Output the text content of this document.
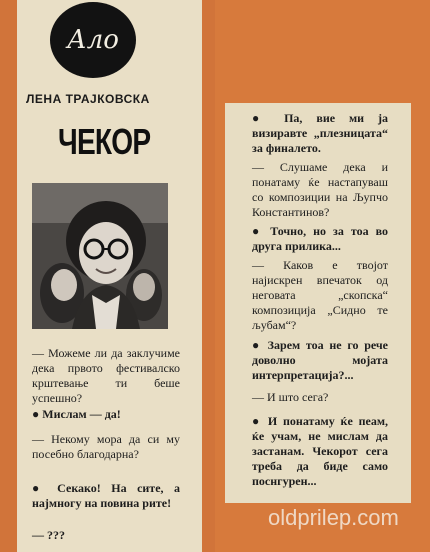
Ало
ЛЕНА ТРАЈКОВСКА
ЧЕКОР
— Можеме ли да заклучиме дека првото фестивалско крштевање ти беше успешно?
● Мислам — да!
— Некому мора да си му посебно благодарна?
● Секако! На сите, а најмногу на повина рите!
— ???
● Па, вие ми ја визиравте „плезницата“ за финалето.
— Слушаме дека и понатаму ќе настапуваш со композиции на Љупчо Константинов?
● Точно, но за тоа во друга прилика...
— Каков е твојот најискрен впечаток од неговата „скопска“ композиција „Сидно те љубам“?
● Зарем тоа не го рече доволно мојата интерпретација?...
— И што сега?
● И понатаму ќе пеам, ќе учам, не мислам да застанам. Чекорот сега треба да биде само поснгурен...
oldprilep.com
